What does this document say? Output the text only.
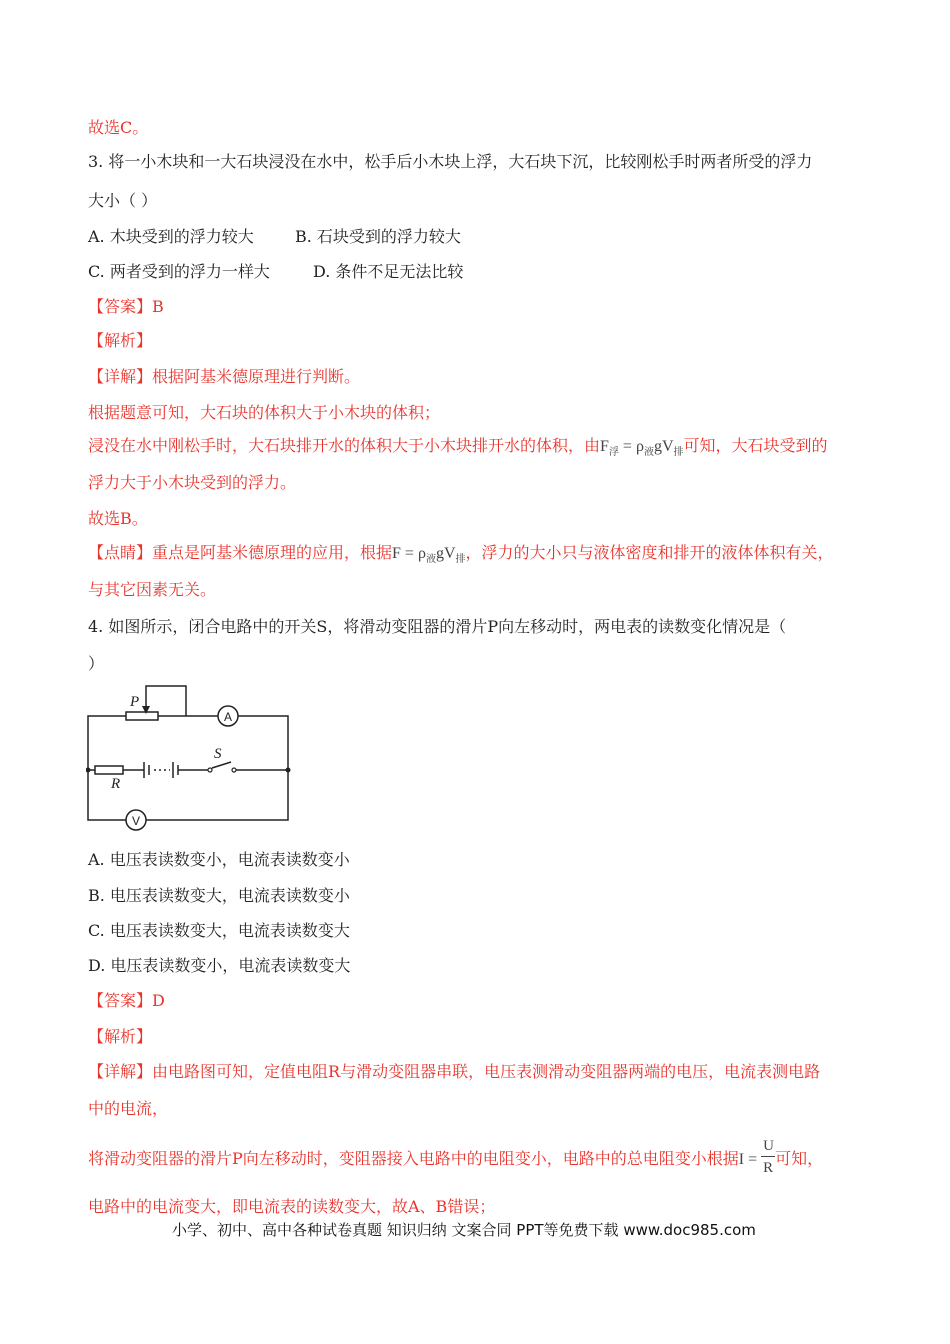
故选C。
3. 将一小木块和一大石块浸没在水中，松手后小木块上浮，大石块下沉，比较刚松手时两者所受的浮力
大小（ ）
A. 木块受到的浮力较大	B. 石块受到的浮力较大
C. 两者受到的浮力一样大	D. 条件不足无法比较
【答案】B
【解析】
【详解】根据阿基米德原理进行判断。
根据题意可知，大石块的体积大于小木块的体积；
浸没在水中刚松手时，大石块排开水的体积大于小木块排开水的体积，由$F_浮 = \rho_液gV_排$可知，大石块受到的
浮力大于小木块受到的浮力。
故选B。
【点睛】重点是阿基米德原理的应用，根据$F = \rho_液gV_排$，浮力的大小只与液体密度和排开的液体体积有关，
与其它因素无关。
4. 如图所示，闭合电路中的开关S，将滑动变阻器的滑片P向左移动时，两电表的读数变化情况是（
）
P
R
S
A
V
A. 电压表读数变小，电流表读数变小
B. 电压表读数变大，电流表读数变小
C. 电压表读数变大，电流表读数变大
D. 电压表读数变小，电流表读数变大
【答案】D
【解析】
【详解】由电路图可知，定值电阻R与滑动变阻器串联，电压表测滑动变阻器两端的电压，电流表测电路
中的电流，
将滑动变阻器的滑片P向左移动时，变阻器接入电路中的电阻变小，电路中的总电阻变小根据$I = \frac{U}{R}$ 可知，
电路中的电流变大，即电流表的读数变大，故A、B错误；
小学、初中、高中各种试卷真题 知识归纳 文案合同 PPT等免费下载 www.doc985.com
